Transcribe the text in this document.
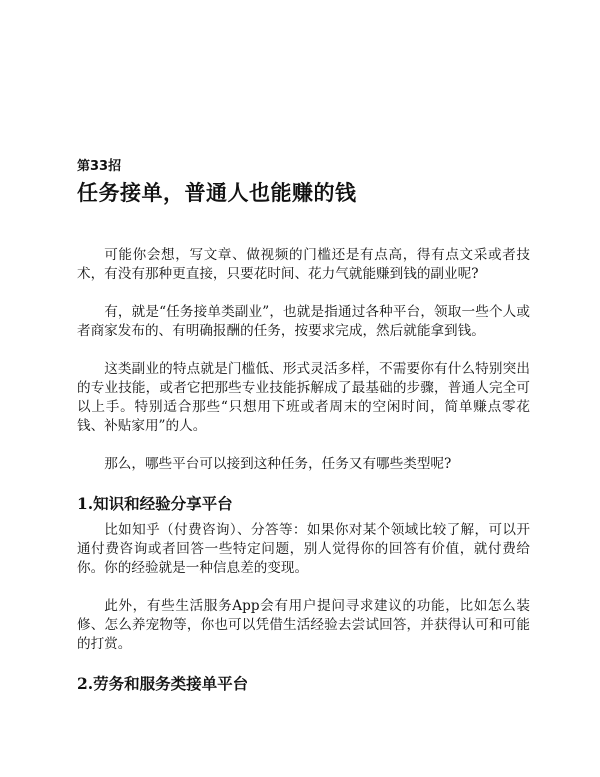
第33招

任务接单，普通人也能赚的钱

可能你会想，写文章、做视频的门槛还是有点高，得有点文采或者技术，有没有那种更直接，只要花时间、花力气就能赚到钱的副业呢?

有，就是“任务接单类副业”，也就是指通过各种平台，领取一些个人或者商家发布的、有明确报酬的任务，按要求完成，然后就能拿到钱。

这类副业的特点就是门槛低、形式灵活多样，不需要你有什么特别突出的专业技能，或者它把那些专业技能拆解成了最基础的步骤，普通人完全可以上手。特别适合那些“只想用下班或者周末的空闲时间，简单赚点零花钱、补贴家用”的人。

那么，哪些平台可以接到这种任务，任务又有哪些类型呢?

1.知识和经验分享平台

比如知乎（付费咨询）、分答等：如果你对某个领域比较了解，可以开通付费咨询或者回答一些特定问题，别人觉得你的回答有价值，就付费给你。你的经验就是一种信息差的变现。

此外，有些生活服务App会有用户提问寻求建议的功能，比如怎么装修、怎么养宠物等，你也可以凭借生活经验去尝试回答，并获得认可和可能的打赏。

2.劳务和服务类接单平台
